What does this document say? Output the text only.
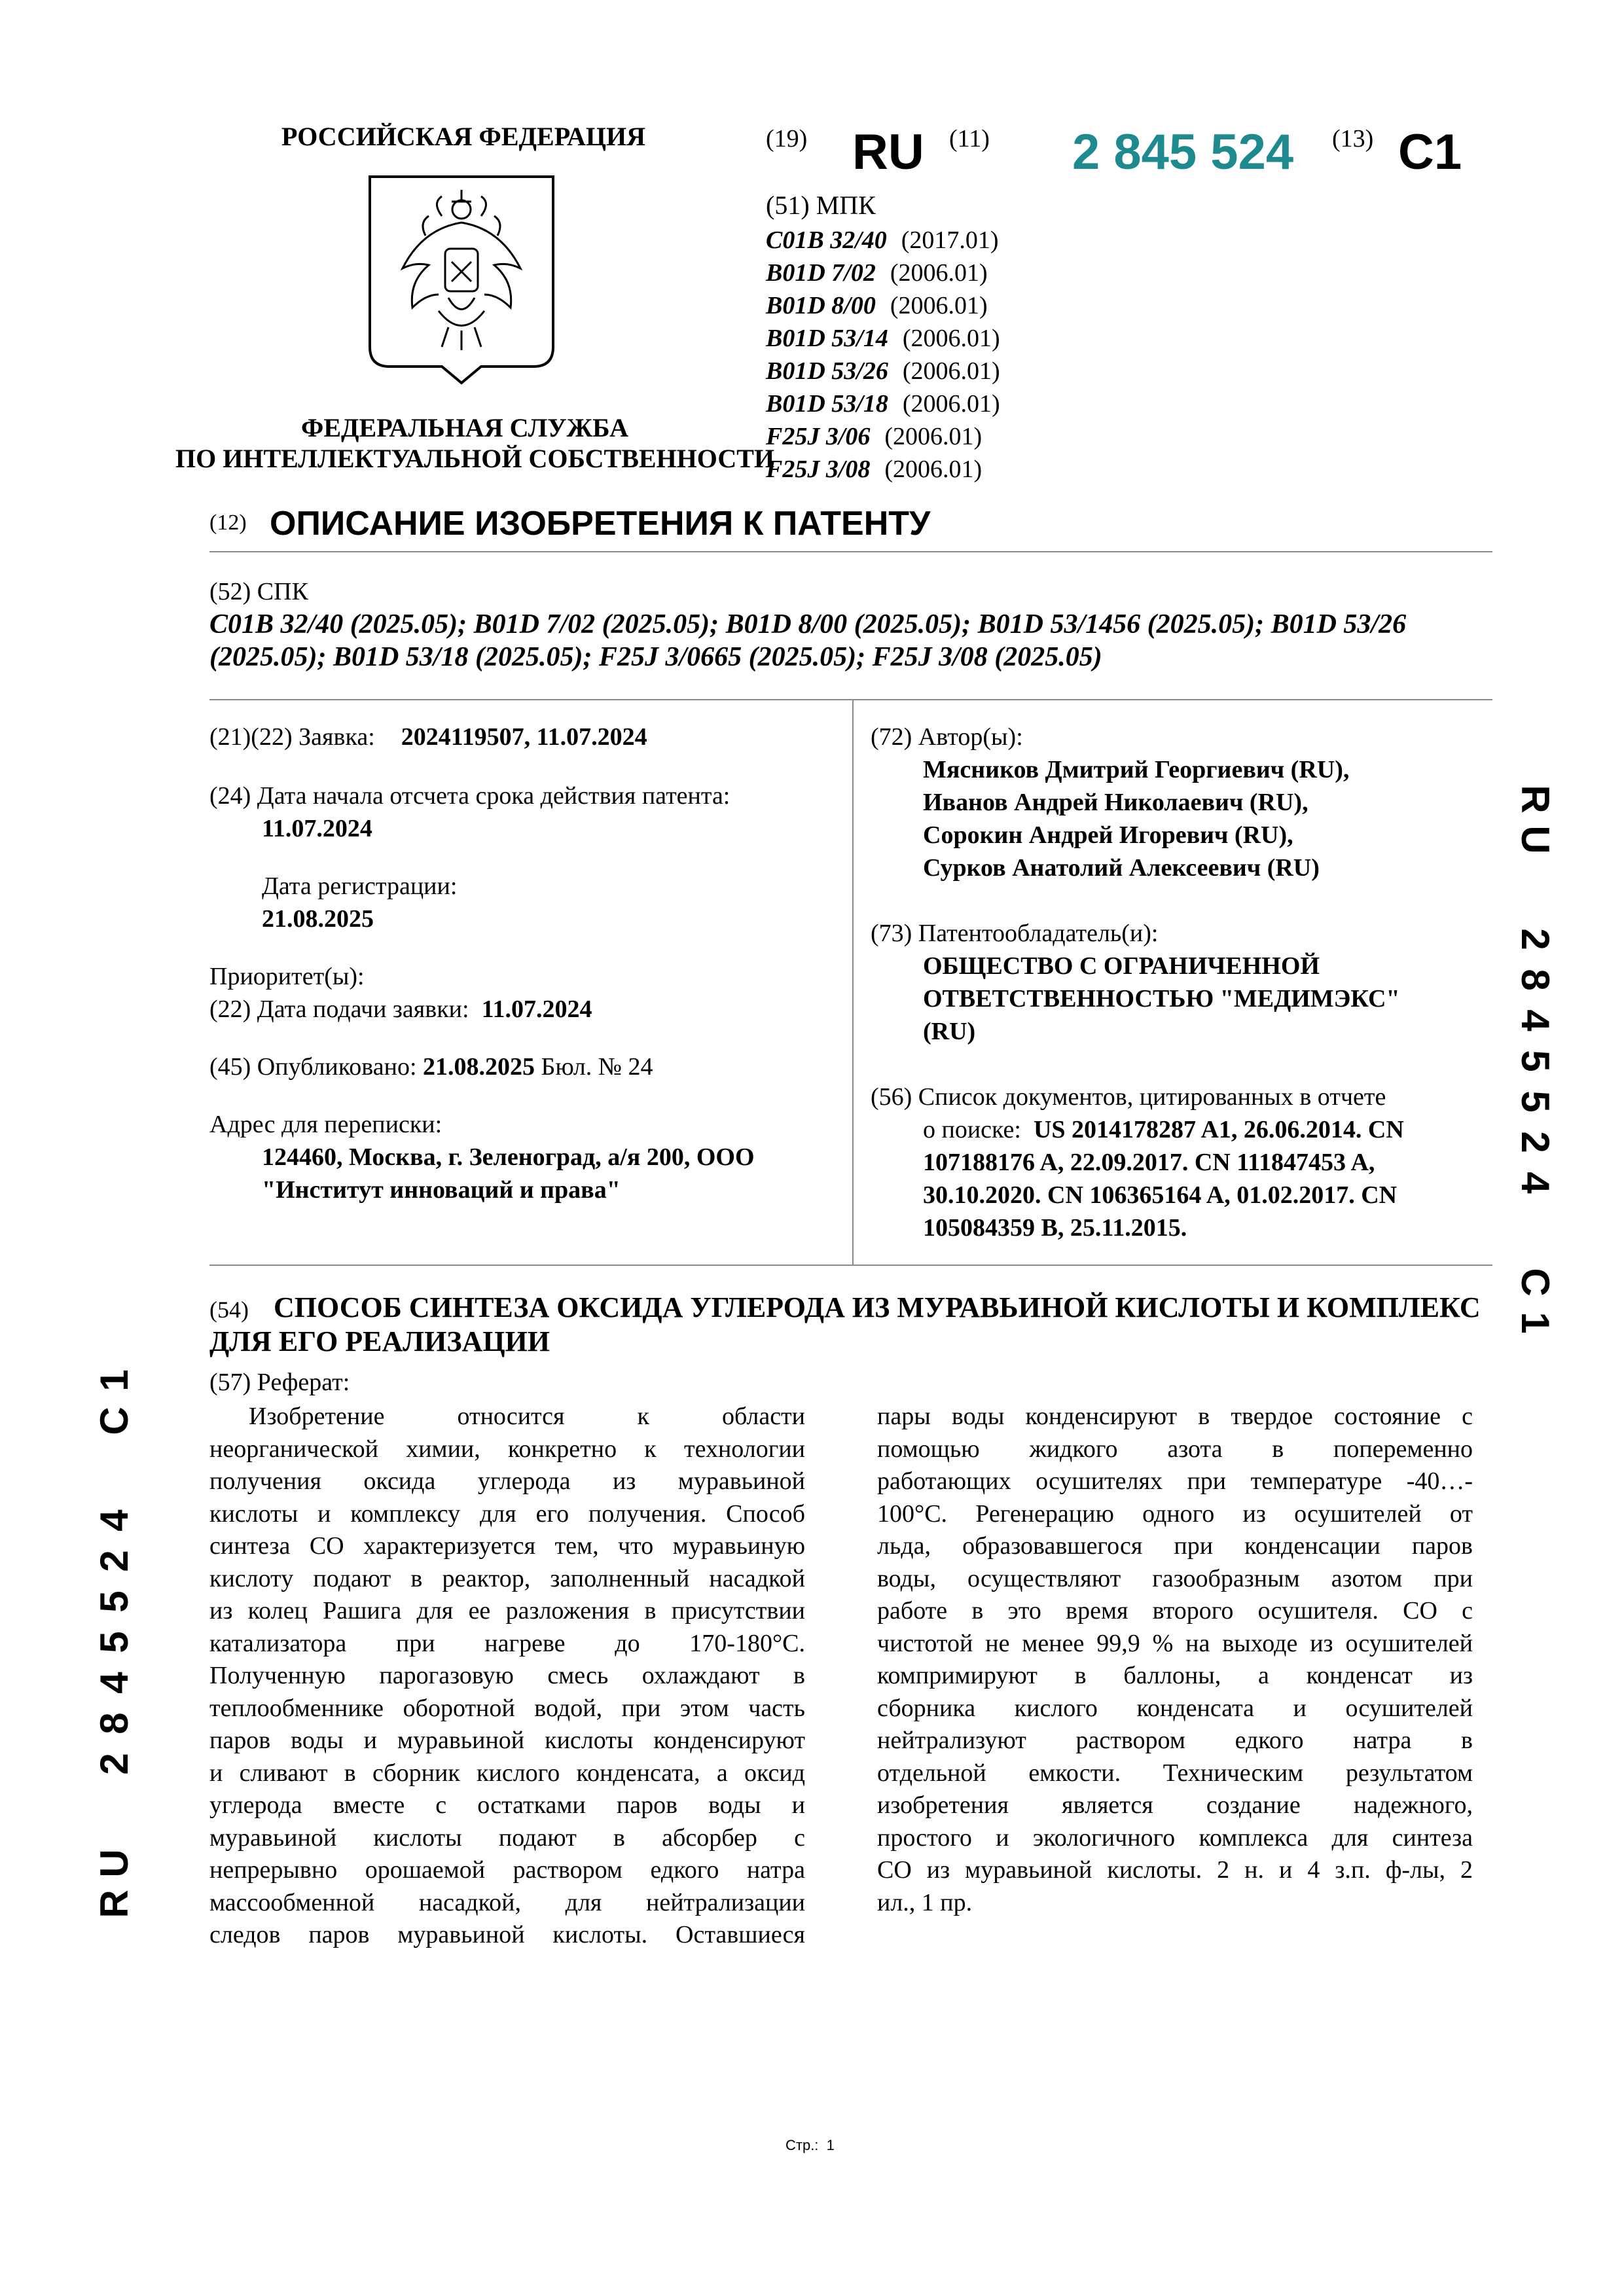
РОССИЙСКАЯ ФЕДЕРАЦИЯ
ФЕДЕРАЛЬНАЯ СЛУЖБА
ПО ИНТЕЛЛЕКТУАЛЬНОЙ СОБСТВЕННОСТИ
(19) RU (11) 2 845 524 (13) C1
(51) МПК
C01B 32/40 (2017.01)
B01D 7/02 (2006.01)
B01D 8/00 (2006.01)
B01D 53/14 (2006.01)
B01D 53/26 (2006.01)
B01D 53/18 (2006.01)
F25J 3/06 (2006.01)
F25J 3/08 (2006.01)
(12) ОПИСАНИЕ ИЗОБРЕТЕНИЯ К ПАТЕНТУ
(52) СПК
C01B 32/40 (2025.05); B01D 7/02 (2025.05); B01D 8/00 (2025.05); B01D 53/1456 (2025.05); B01D 53/26
(2025.05); B01D 53/18 (2025.05); F25J 3/0665 (2025.05); F25J 3/08 (2025.05)
(21)(22) Заявка: 2024119507, 11.07.2024
(24) Дата начала отсчета срока действия патента:
11.07.2024
Дата регистрации:
21.08.2025
Приоритет(ы):
(22) Дата подачи заявки: 11.07.2024
(45) Опубликовано: 21.08.2025 Бюл. № 24
Адрес для переписки:
124460, Москва, г. Зеленоград, а/я 200, ООО
"Институт инноваций и права"
(72) Автор(ы):
Мясников Дмитрий Георгиевич (RU),
Иванов Андрей Николаевич (RU),
Сорокин Андрей Игоревич (RU),
Сурков Анатолий Алексеевич (RU)
(73) Патентообладатель(и):
ОБЩЕСТВО С ОГРАНИЧЕННОЙ
ОТВЕТСТВЕННОСТЬЮ "МЕДИМЭКС"
(RU)
(56) Список документов, цитированных в отчете
о поиске: US 2014178287 A1, 26.06.2014. CN
107188176 A, 22.09.2017. CN 111847453 A,
30.10.2020. CN 106365164 A, 01.02.2017. CN
105084359 B, 25.11.2015.
(54) СПОСОБ СИНТЕЗА ОКСИДА УГЛЕРОДА ИЗ МУРАВЬИНОЙ КИСЛОТЫ И КОМПЛЕКС
ДЛЯ ЕГО РЕАЛИЗАЦИИ
(57) Реферат:

Изобретение относится к области

неорганической химии, конкретно к технологии

получения оксида углерода из муравьиной

кислоты и комплексу для его получения. Способ

синтеза CO характеризуется тем, что муравьиную

кислоту подают в реактор, заполненный насадкой

из колец Рашига для ее разложения в присутствии

катализатора при нагреве до 170-180°C.

Полученную парогазовую смесь охлаждают в

теплообменнике оборотной водой, при этом часть

паров воды и муравьиной кислоты конденсируют

и сливают в сборник кислого конденсата, а оксид

углерода вместе с остатками паров воды и

муравьиной кислоты подают в абсорбер с

непрерывно орошаемой раствором едкого натра

массообменной насадкой, для нейтрализации

следов паров муравьиной кислоты. Оставшиеся

пары воды конденсируют в твердое состояние с

помощью жидкого азота в попеременно

работающих осушителях при температуре -40…-

100°C. Регенерацию одного из осушителей от

льда, образовавшегося при конденсации паров

воды, осуществляют газообразным азотом при

работе в это время второго осушителя. CO с

чистотой не менее 99,9 % на выходе из осушителей

компримируют в баллоны, а конденсат из

сборника кислого конденсата и осушителей

нейтрализуют раствором едкого натра в

отдельной емкости. Техническим результатом

изобретения является создание надежного,

простого и экологичного комплекса для синтеза

CO из муравьиной кислоты. 2 н. и 4 з.п. ф-лы, 2

ил., 1 пр.

RU2845524C1
RU2845524C1
Стр.:  1
